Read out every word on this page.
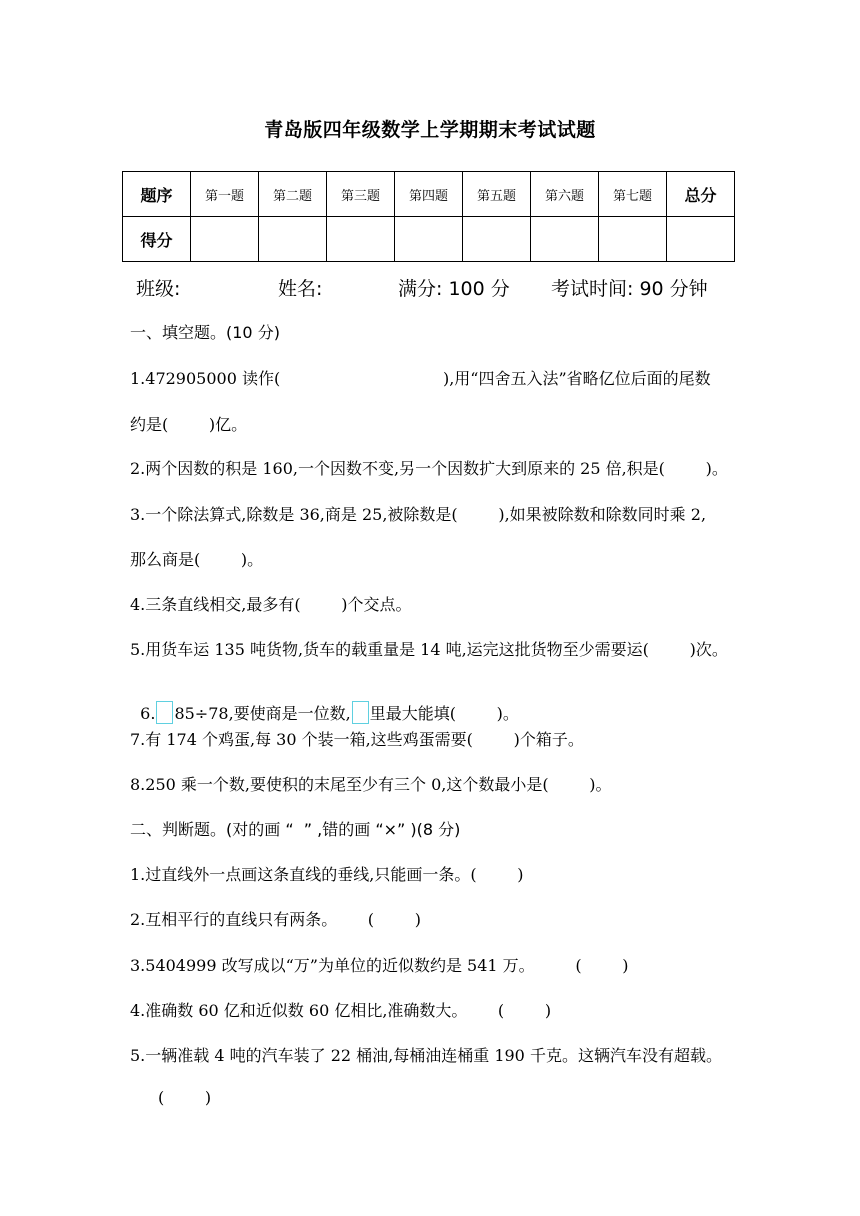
青岛版四年级数学上学期期末考试试题
题序	第一题	第二题	第三题	第四题	第五题	第六题	第七题	总分
得分								
班级:	姓名:	满分: 100 分 考试时间: 90 分钟
一、填空题。(10 分)
1.472905000 读作(                                ),用“四舍五入法”省略亿位后面的尾数
约是(        )亿。
2.两个因数的积是 160,一个因数不变,另一个因数扩大到原来的 25 倍,积是(        )。
3.一个除法算式,除数是 36,商是 25,被除数是(        ),如果被除数和除数同时乘 2,
那么商是(        )。
4.三条直线相交,最多有(        )个交点。
5.用货车运 135 吨货物,货车的载重量是 14 吨,运完这批货物至少需要运(        )次。

6. 85÷78,要使商是一位数, 里最大能填(        )。

7.有 174 个鸡蛋,每 30 个装一箱,这些鸡蛋需要(        )个箱子。
8.250 乘一个数,要使积的末尾至少有三个 0,这个数最小是(        )。
二、判断题。(对的画 “  ” ,错的画 “×” )(8 分)
1.过直线外一点画这条直线的垂线,只能画一条。(        )
2.互相平行的直线只有两条。      (        )
3.5404999 改写成以“万”为单位的近似数约是 541 万。        (        )
4.准确数 60 亿和近似数 60 亿相比,准确数大。      (        )
5.一辆准载 4 吨的汽车装了 22 桶油,每桶油连桶重 190 千克。这辆汽车没有超载。
(        )
